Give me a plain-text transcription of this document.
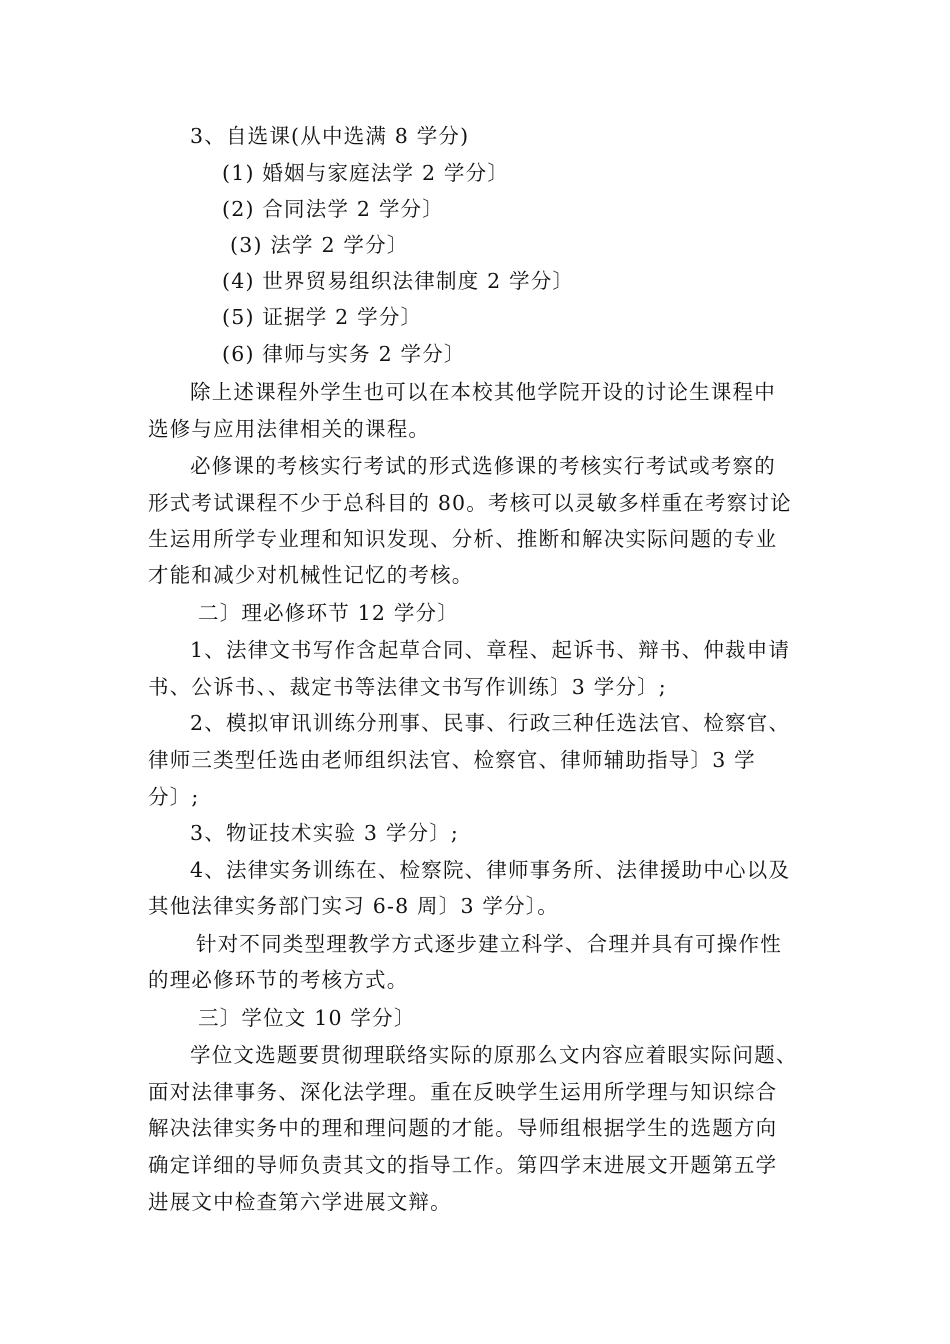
3、自选课(从中选满 8 学分)
(1) 婚姻与家庭法学 2 学分〕
(2) 合同法学 2 学分〕
(3) 法学 2 学分〕
(4) 世界贸易组织法律制度 2 学分〕
(5) 证据学 2 学分〕
(6) 律师与实务 2 学分〕
除上述课程外学生也可以在本校其他学院开设的讨论生课程中
选修与应用法律相关的课程。
必修课的考核实行考试的形式选修课的考核实行考试或考察的
形式考试课程不少于总科目的 80。考核可以灵敏多样重在考察讨论
生运用所学专业理和知识发现、分析、推断和解决实际问题的专业
才能和减少对机械性记忆的考核。
二〕理必修环节 12 学分〕
1、法律文书写作含起草合同、章程、起诉书、辩书、仲裁申请
书、公诉书、、裁定书等法律文书写作训练〕3 学分〕;
2、模拟审讯训练分刑事、民事、行政三种任选法官、检察官、
律师三类型任选由老师组织法官、检察官、律师辅助指导〕3 学
分〕;
3、物证技术实验 3 学分〕;
4、法律实务训练在、检察院、律师事务所、法律援助中心以及
其他法律实务部门实习 6-8 周〕3 学分〕。
针对不同类型理教学方式逐步建立科学、合理并具有可操作性
的理必修环节的考核方式。
三〕学位文 10 学分〕
学位文选题要贯彻理联络实际的原那么文内容应着眼实际问题、
面对法律事务、深化法学理。重在反映学生运用所学理与知识综合
解决法律实务中的理和理问题的才能。导师组根据学生的选题方向
确定详细的导师负责其文的指导工作。第四学末进展文开题第五学
进展文中检查第六学进展文辩。
